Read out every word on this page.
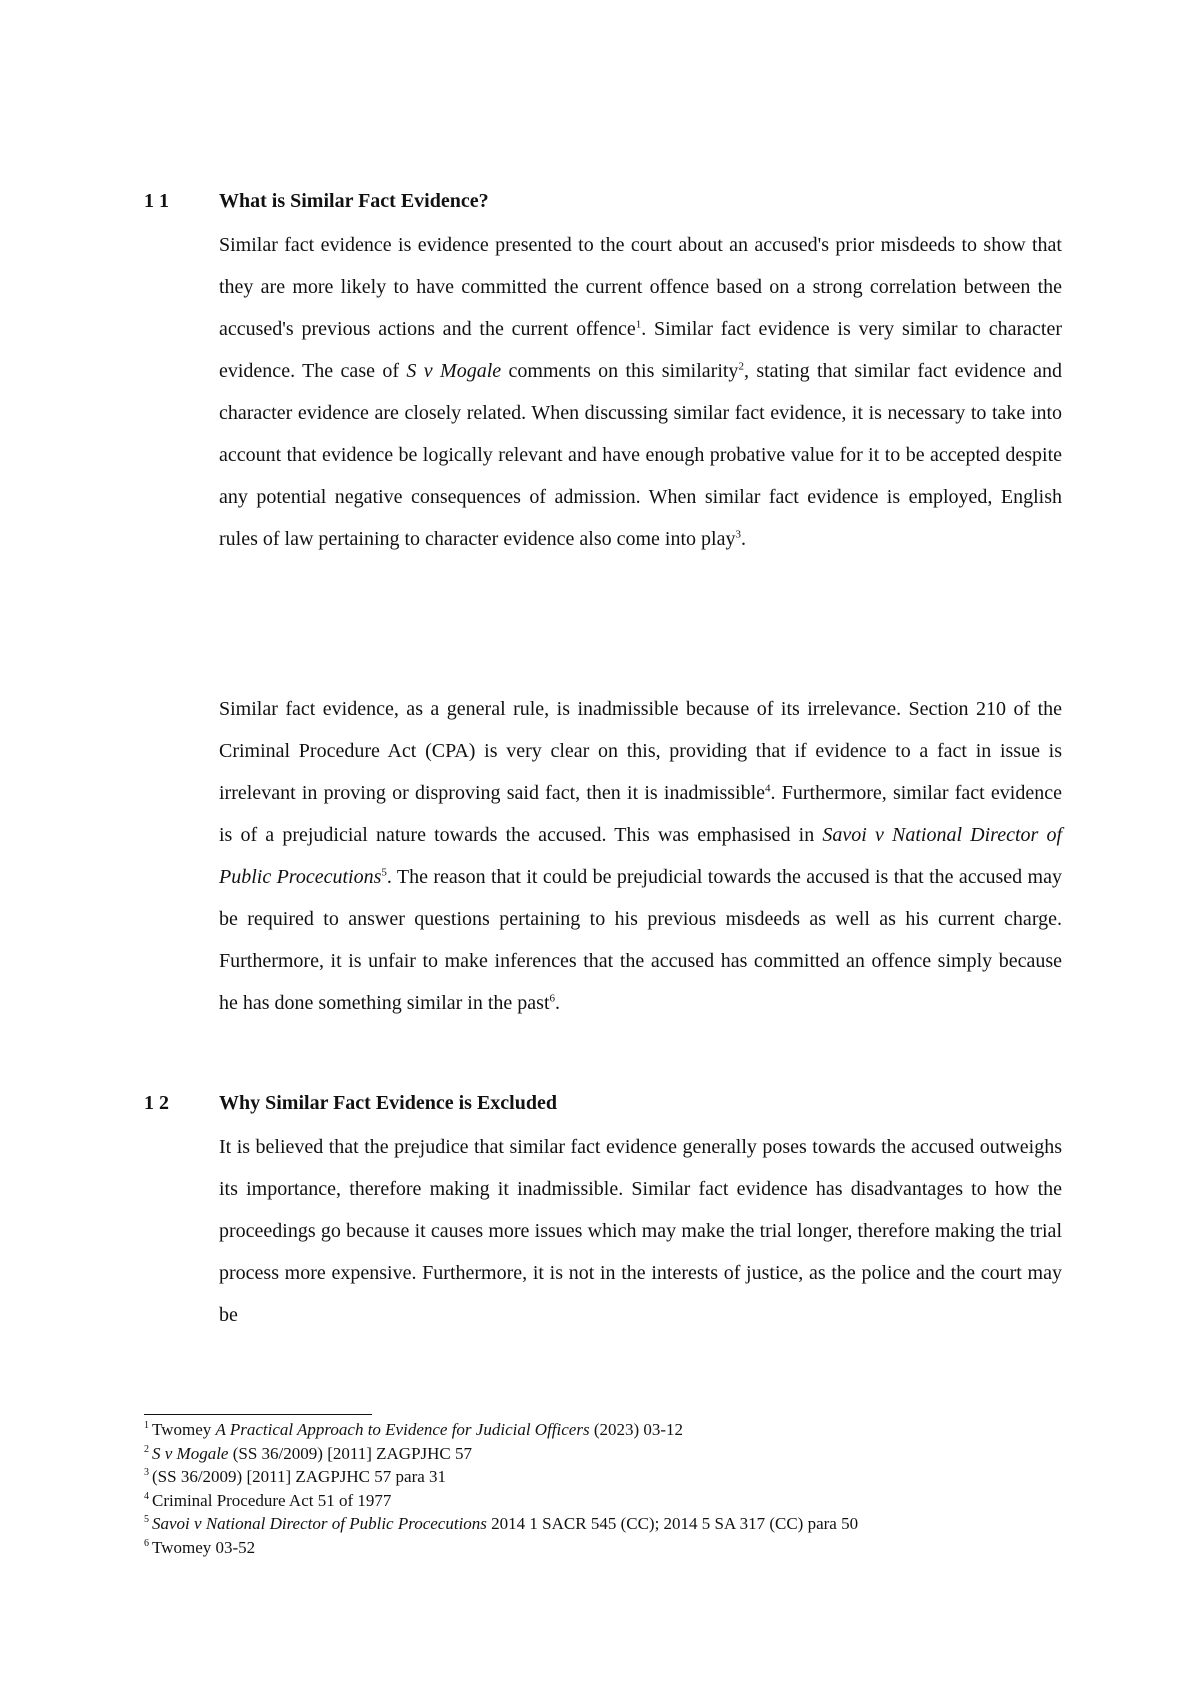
1 1	What is Similar Fact Evidence?

Similar fact evidence is evidence presented to the court about an accused's prior misdeeds to show that they are more likely to have committed the current offence based on a strong correlation between the accused's previous actions and the current offence$^1$. Similar fact evidence is very similar to character evidence. The case of S v Mogale comments on this similarity$^2$, stating that similar fact evidence and character evidence are closely related. When discussing similar fact evidence, it is necessary to take into account that evidence be logically relevant and have enough probative value for it to be accepted despite any potential negative consequences of admission. When similar fact evidence is employed, English rules of law pertaining to character evidence also come into play$^3$.

Similar fact evidence, as a general rule, is inadmissible because of its irrelevance. Section 210 of the Criminal Procedure Act (CPA) is very clear on this, providing that if evidence to a fact in issue is irrelevant in proving or disproving said fact, then it is inadmissible$^4$. Furthermore, similar fact evidence is of a prejudicial nature towards the accused. This was emphasised in Savoi v National Director of Public Procecutions$^5$. The reason that it could be prejudicial towards the accused is that the accused may be required to answer questions pertaining to his previous misdeeds as well as his current charge. Furthermore, it is unfair to make inferences that the accused has committed an offence simply because he has done something similar in the past$^6$.

1 2	Why Similar Fact Evidence is Excluded

It is believed that the prejudice that similar fact evidence generally poses towards the accused outweighs its importance, therefore making it inadmissible. Similar fact evidence has disadvantages to how the proceedings go because it causes more issues which may make the trial longer, therefore making the trial process more expensive. Furthermore, it is not in the interests of justice, as the police and the court may be

$^1$ Twomey A Practical Approach to Evidence for Judicial Officers (2023) 03-12
$^2$ S v Mogale (SS 36/2009) [2011] ZAGPJHC 57
$^3$ (SS 36/2009) [2011] ZAGPJHC 57 para 31
$^4$ Criminal Procedure Act 51 of 1977
$^5$ Savoi v National Director of Public Procecutions 2014 1 SACR 545 (CC); 2014 5 SA 317 (CC) para 50
$^6$ Twomey 03-52
